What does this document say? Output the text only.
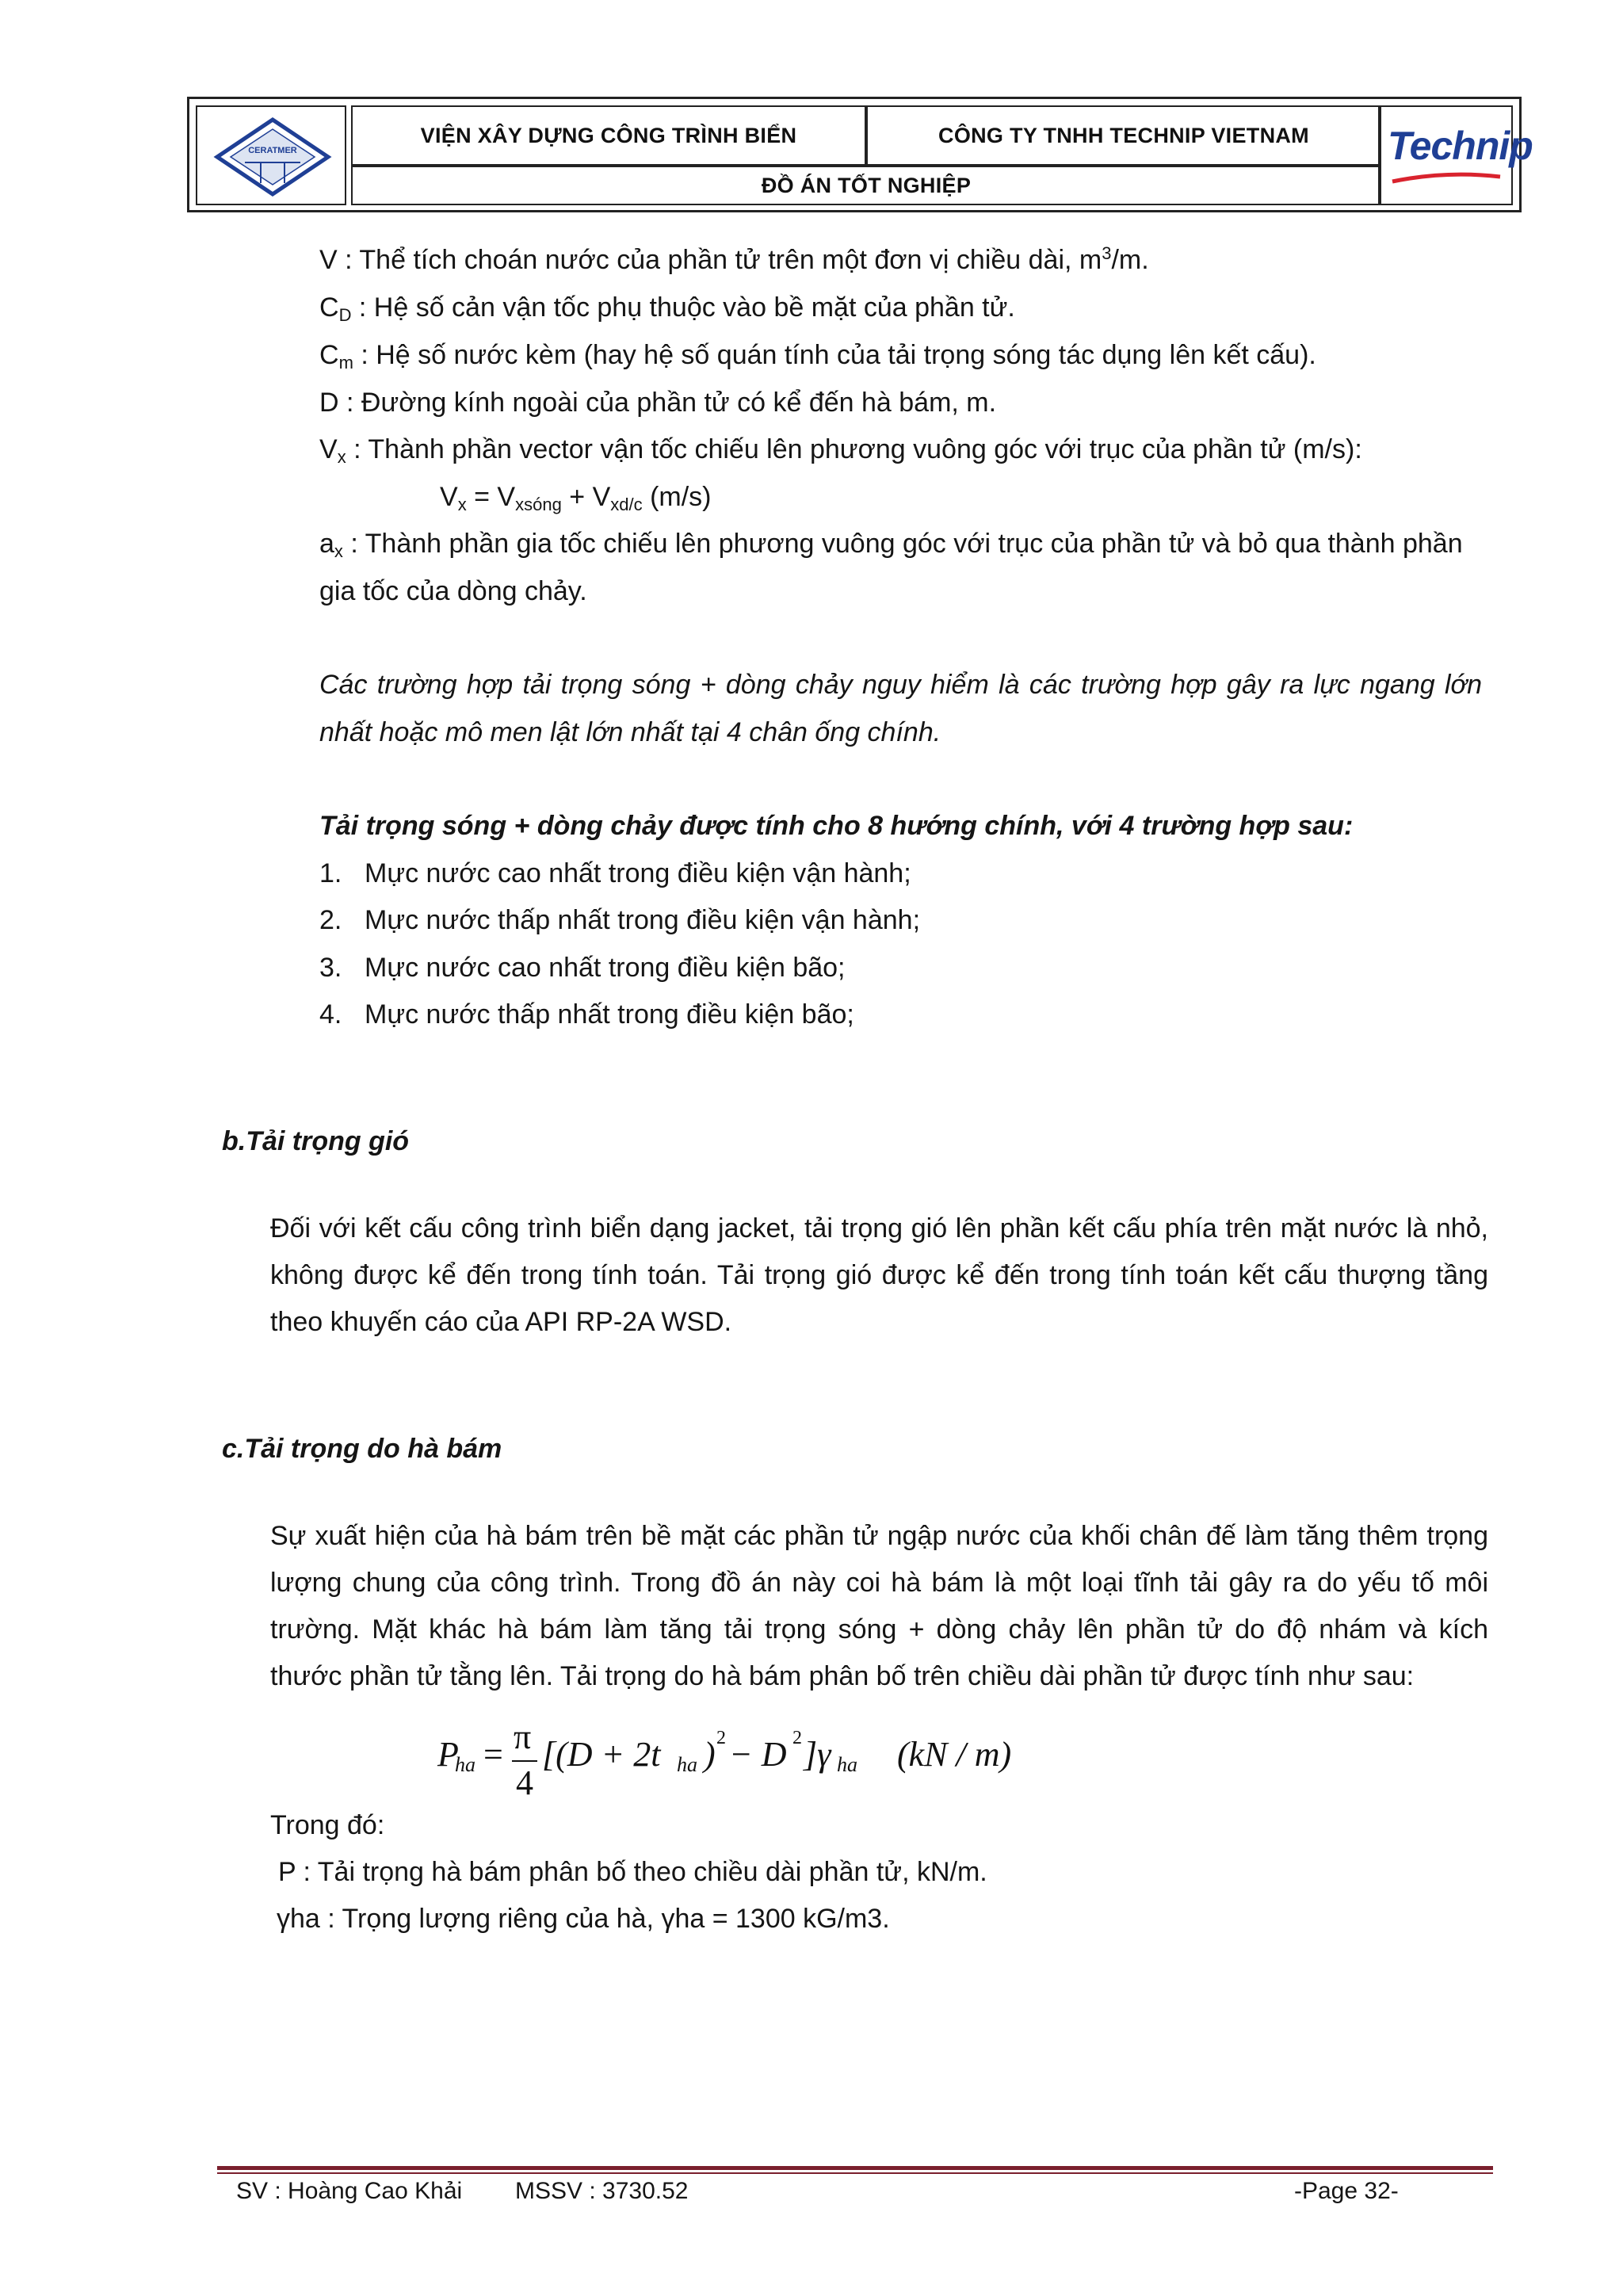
CERATMER
VIỆN XÂY DỰNG CÔNG TRÌNH BIỂN	CÔNG TY TNHH TECHNIP VIETNAM
ĐỒ ÁN TỐT NGHIỆP
Technip
V : Thể tích choán nước của phần tử trên một đơn vị chiều dài, $m^3/m$.
$C_D$ : Hệ số cản vận tốc phụ thuộc vào bề mặt của phần tử.
$C_m$ : Hệ số nước kèm (hay hệ số quán tính của tải trọng sóng tác dụng lên kết cấu).
D : Đường kính ngoài của phần tử có kể đến hà bám, m.
$V_x$ : Thành phần vector vận tốc chiếu lên phương vuông góc với trục của phần tử (m/s):
$V_x = V_{xsóng} + V_{xd/c}$ (m/s)
$a_x$ : Thành phần gia tốc chiếu lên phương vuông góc với trục của phần tử và bỏ qua thành phần
gia tốc của dòng chảy.
Các trường hợp tải trọng sóng + dòng chảy nguy hiểm là các trường hợp gây ra lực ngang lớn
nhất hoặc mô men lật lớn nhất tại 4 chân ống chính.
Tải trọng sóng + dòng chảy được tính cho 8 hướng chính, với 4 trường hợp sau:
1. Mực nước cao nhất trong điều kiện vận hành;
2. Mực nước thấp nhất trong điều kiện vận hành;
3. Mực nước cao nhất trong điều kiện bão;
4. Mực nước thấp nhất trong điều kiện bão;
b.Tải trọng gió
Đối với kết cấu công trình biển dạng jacket, tải trọng gió lên phần kết cấu phía trên mặt nước là nhỏ,
không được kể đến trong tính toán. Tải trọng gió được kể đến trong tính toán kết cấu thượng tầng
theo khuyến cáo của API RP-2A WSD.
c.Tải trọng do hà bám
Sự xuất hiện của hà bám trên bề mặt các phần tử ngập nước của khối chân đế làm tăng thêm trọng
lượng chung của công trình. Trong đồ án này coi hà bám là một loại tĩnh tải gây ra do yếu tố môi
trường. Mặt khác hà bám làm tăng tải trọng sóng + dòng chảy lên phần tử do độ nhám và kích
thước phần tử tằng lên. Tải trọng do hà bám phân bố trên chiều dài phần tử được tính như sau:
P
ha = π
4
[(D + 2t ha ) 2 − D 2 ]γ ha (kN / m)
Trong đó:
P : Tải trọng hà bám phân bố theo chiều dài phần tử, kN/m.
γha : Trọng lượng riêng của hà, γha = 1300 kG/m3.
SV : Hoàng Cao Khải MSSV : 3730.52	-Page 32-
